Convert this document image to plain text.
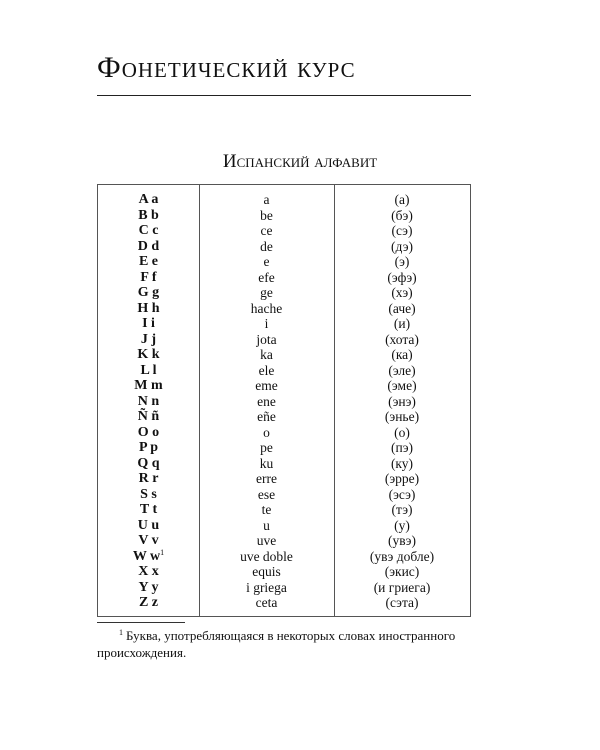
Фонетический курс
Испанский алфавит
A a	a	(а)
B b	be	(бэ)
C c	ce	(сэ)
D d	de	(дэ)
E e	e	(э)
F f	efe	(эфэ)
G g	ge	(хэ)
H h	hache	(аче)
I i	i	(и)
J j	jota	(хота)
K k	ka	(ка)
L l	ele	(эле)
M m	eme	(эме)
N n	ene	(энэ)
Ñ ñ	eñe	(энье)
O o	o	(о)
P p	pe	(пэ)
Q q	ku	(ку)
R r	erre	(эрре)
S s	ese	(эсэ)
T t	te	(тэ)
U u	u	(у)
V v	uve	(увэ)
W $w^1$	uve doble	(увэ добле)
X x	equis	(экис)
Y y	i griega	(и гриега)
Z z	ceta	(сэта)
$^1$ Буква, употребляющаяся в некоторых словах иностранного происхождения.
